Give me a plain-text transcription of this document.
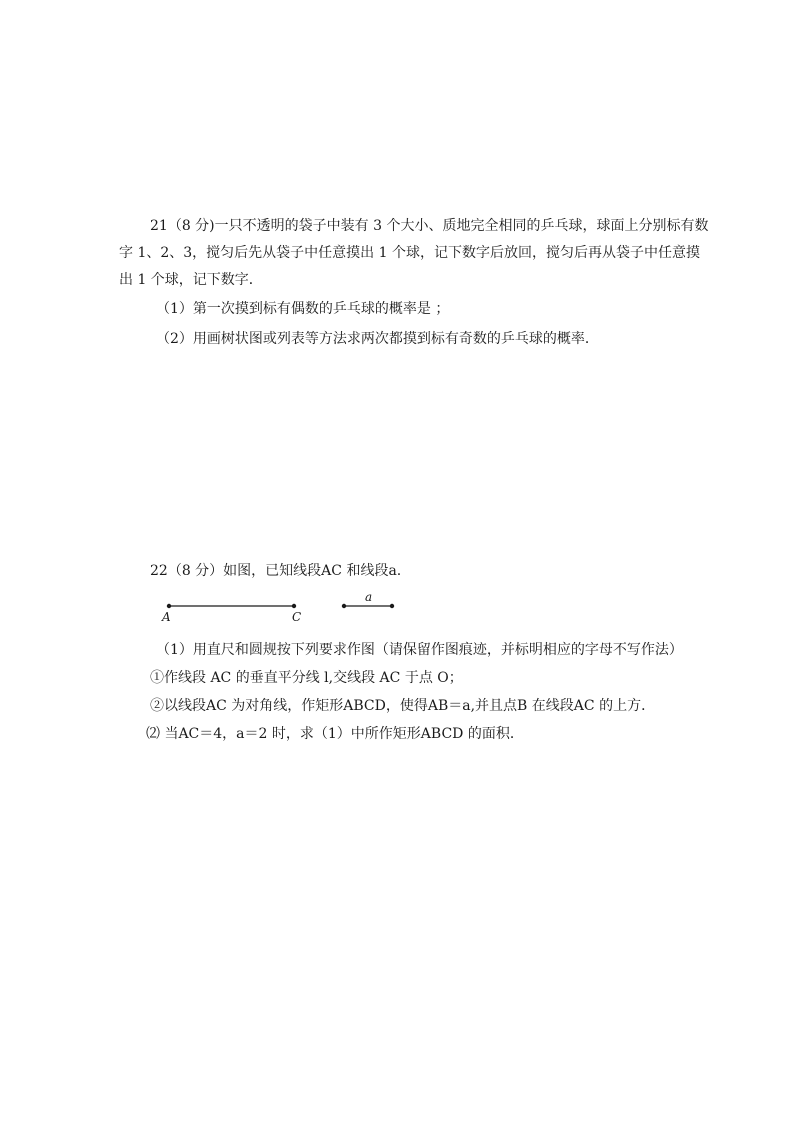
21（8 分)一只不透明的袋子中装有 3 个大小、质地完全相同的乒乓球，球面上分别标有数
字 1、2、3，搅匀后先从袋子中任意摸出 1 个球，记下数字后放回，搅匀后再从袋子中任意摸
出 1 个球，记下数字．
（1）第一次摸到标有偶数的乒乓球的概率是 ；
（2）用画树状图或列表等方法求两次都摸到标有奇数的乒乓球的概率．
22（8 分）如图，已知线段AC 和线段a.
A	C
a
（1）用直尺和圆规按下列要求作图（请保留作图痕迹，并标明相应的字母不写作法）
①作线段 AC 的垂直平分线 l,交线段 AC 于点 O；
②以线段AC 为对角线，作矩形ABCD，使得AB＝a,并且点B 在线段AC 的上方．
⑵ 当AC＝4，a＝2 时，求（1）中所作矩形ABCD 的面积．
